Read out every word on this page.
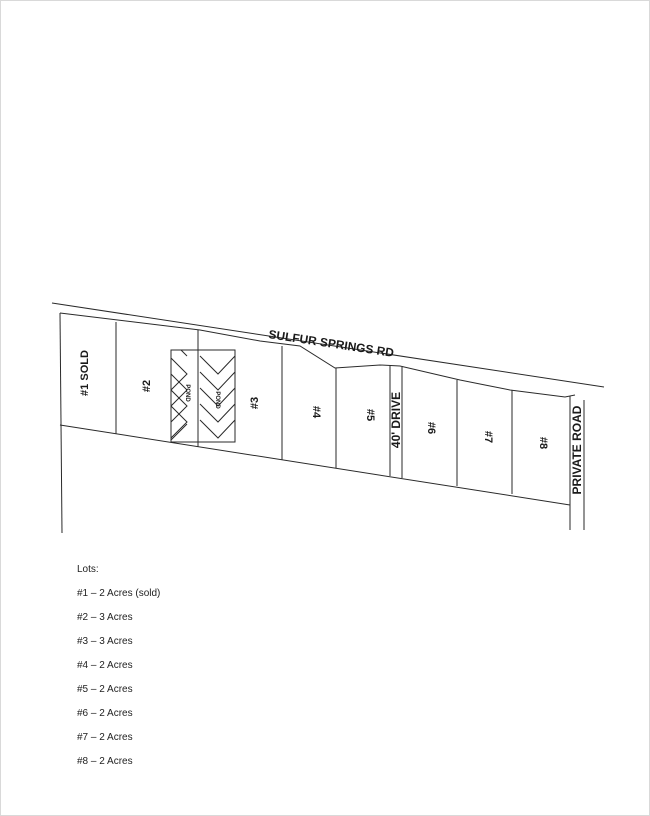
SULFUR SPRINGS RD
40' DRIVE	PRIVATE ROAD
POND	POND
#1 SOLD	#2
#3
#4	#5
#6
#7	#8
Lots:
#1 – 2 Acres (sold)
#2 – 3 Acres
#3 – 3 Acres
#4 – 2 Acres
#5 – 2 Acres
#6 – 2 Acres
#7 – 2 Acres
#8 – 2 Acres
